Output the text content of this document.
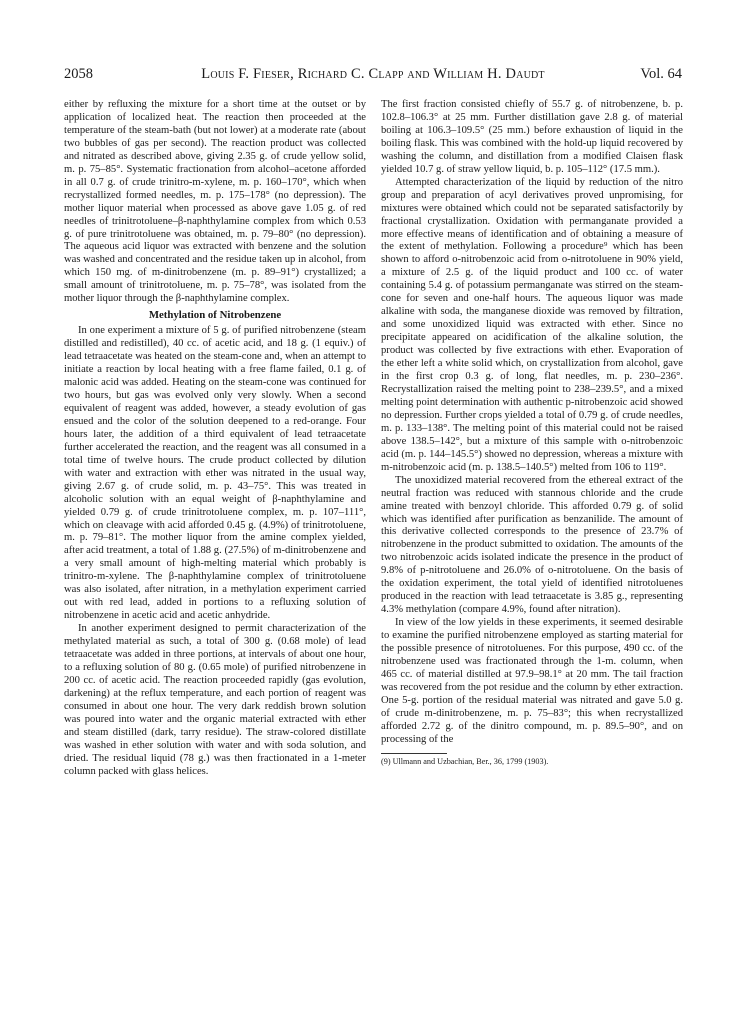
2058	Louis F. Fieser, Richard C. Clapp and William H. Daudt	Vol. 64

either by refluxing the mixture for a short time at the outset or by application of localized heat. The reaction then proceeded at the temperature of the steam-bath (but not lower) at a moderate rate (about two bubbles of gas per second). The reaction product was collected and nitrated as described above, giving 2.35 g. of crude yellow solid, m. p. 75–85°. Systematic fractionation from alcohol–acetone afforded in all 0.7 g. of crude trinitro-m-xylene, m. p. 160–170°, which when recrystallized formed needles, m. p. 175–178° (no depression). The mother liquor material when processed as above gave 1.05 g. of red needles of trinitrotoluene–β-naphthylamine complex from which 0.53 g. of pure trinitrotoluene was obtained, m. p. 79–80° (no depression). The aqueous acid liquor was extracted with benzene and the solution was washed and concentrated and the residue taken up in alcohol, from which 150 mg. of m-dinitrobenzene (m. p. 89–91°) crystallized; a small amount of trinitrotoluene, m. p. 75–78°, was isolated from the mother liquor through the β-naphthylamine complex.

Methylation of Nitrobenzene

In one experiment a mixture of 5 g. of purified nitrobenzene (steam distilled and redistilled), 40 cc. of acetic acid, and 18 g. (1 equiv.) of lead tetraacetate was heated on the steam-cone and, when an attempt to initiate a reaction by local heating with a free flame failed, 0.1 g. of malonic acid was added. Heating on the steam-cone was continued for two hours, but gas was evolved only very slowly. When a second equivalent of reagent was added, however, a steady evolution of gas ensued and the color of the solution deepened to a red-orange. Four hours later, the addition of a third equivalent of lead tetraacetate further accelerated the reaction, and the reagent was all consumed in a total time of twelve hours. The crude product collected by dilution with water and extraction with ether was nitrated in the usual way, giving 2.67 g. of crude solid, m. p. 43–75°. This was treated in alcoholic solution with an equal weight of β-naphthylamine and yielded 0.79 g. of crude trinitrotoluene complex, m. p. 107–111°, which on cleavage with acid afforded 0.45 g. (4.9%) of trinitrotoluene, m. p. 79–81°. The mother liquor from the amine complex yielded, after acid treatment, a total of 1.88 g. (27.5%) of m-dinitrobenzene and a very small amount of high-melting material which probably is trinitro-m-xylene. The β-naphthylamine complex of trinitrotoluene was also isolated, after nitration, in a methylation experiment carried out with red lead, added in portions to a refluxing solution of nitrobenzene in acetic acid and acetic anhydride.

In another experiment designed to permit characterization of the methylated material as such, a total of 300 g. (0.68 mole) of lead tetraacetate was added in three portions, at intervals of about one hour, to a refluxing solution of 80 g. (0.65 mole) of purified nitrobenzene in 200 cc. of acetic acid. The reaction proceeded rapidly (gas evolution, darkening) at the reflux temperature, and each portion of reagent was consumed in about one hour. The very dark reddish brown solution was poured into water and the organic material extracted with ether and steam distilled (dark, tarry residue). The straw-colored distillate was washed in ether solution with water and with soda solution, and dried. The residual liquid (78 g.) was then fractionated in a 1-meter column packed with glass helices.

The first fraction consisted chiefly of 55.7 g. of nitrobenzene, b. p. 102.8–106.3° at 25 mm. Further distillation gave 2.8 g. of material boiling at 106.3–109.5° (25 mm.) before exhaustion of liquid in the boiling flask. This was combined with the hold-up liquid recovered by washing the column, and distillation from a modified Claisen flask yielded 10.7 g. of straw yellow liquid, b. p. 105–112° (17.5 mm.).

Attempted characterization of the liquid by reduction of the nitro group and preparation of acyl derivatives proved unpromising, for mixtures were obtained which could not be separated satisfactorily by fractional crystallization. Oxidation with permanganate provided a more effective means of identification and of obtaining a measure of the extent of methylation. Following a procedure⁹ which has been shown to afford o-nitrobenzoic acid from o-nitrotoluene in 90% yield, a mixture of 2.5 g. of the liquid product and 100 cc. of water containing 5.4 g. of potassium permanganate was stirred on the steam-cone for seven and one-half hours. The aqueous liquor was made alkaline with soda, the manganese dioxide was removed by filtration, and some unoxidized liquid was extracted with ether. Since no precipitate appeared on acidification of the alkaline solution, the product was collected by five extractions with ether. Evaporation of the ether left a white solid which, on crystallization from alcohol, gave in the first crop 0.3 g. of long, flat needles, m. p. 230–236°. Recrystallization raised the melting point to 238–239.5°, and a mixed melting point determination with authentic p-nitrobenzoic acid showed no depression. Further crops yielded a total of 0.79 g. of crude needles, m. p. 133–138°. The melting point of this material could not be raised above 138.5–142°, but a mixture of this sample with o-nitrobenzoic acid (m. p. 144–145.5°) showed no depression, whereas a mixture with m-nitrobenzoic acid (m. p. 138.5–140.5°) melted from 106 to 119°.

The unoxidized material recovered from the ethereal extract of the neutral fraction was reduced with stannous chloride and the crude amine treated with benzoyl chloride. This afforded 0.79 g. of solid which was identified after purification as benzanilide. The amount of this derivative collected corresponds to the presence of 23.7% of nitrobenzene in the product submitted to oxidation. The amounts of the two nitrobenzoic acids isolated indicate the presence in the product of 9.8% of p-nitrotoluene and 26.0% of o-nitrotoluene. On the basis of the oxidation experiment, the total yield of identified nitrotoluenes produced in the reaction with lead tetraacetate is 3.85 g., representing 4.3% methylation (compare 4.9%, found after nitration).

In view of the low yields in these experiments, it seemed desirable to examine the purified nitrobenzene employed as starting material for the possible presence of nitrotoluenes. For this purpose, 490 cc. of the nitrobenzene used was fractionated through the 1-m. column, when 465 cc. of material distilled at 97.9–98.1° at 20 mm. The tail fraction was recovered from the pot residue and the column by ether extraction. One 5-g. portion of the residual material was nitrated and gave 5.0 g. of crude m-dinitrobenzene, m. p. 75–83°; this when recrystallized afforded 2.72 g. of the dinitro compound, m. p. 89.5–90°, and on processing of the

(9) Ullmann and Uzbachian, Ber., 36, 1799 (1903).
